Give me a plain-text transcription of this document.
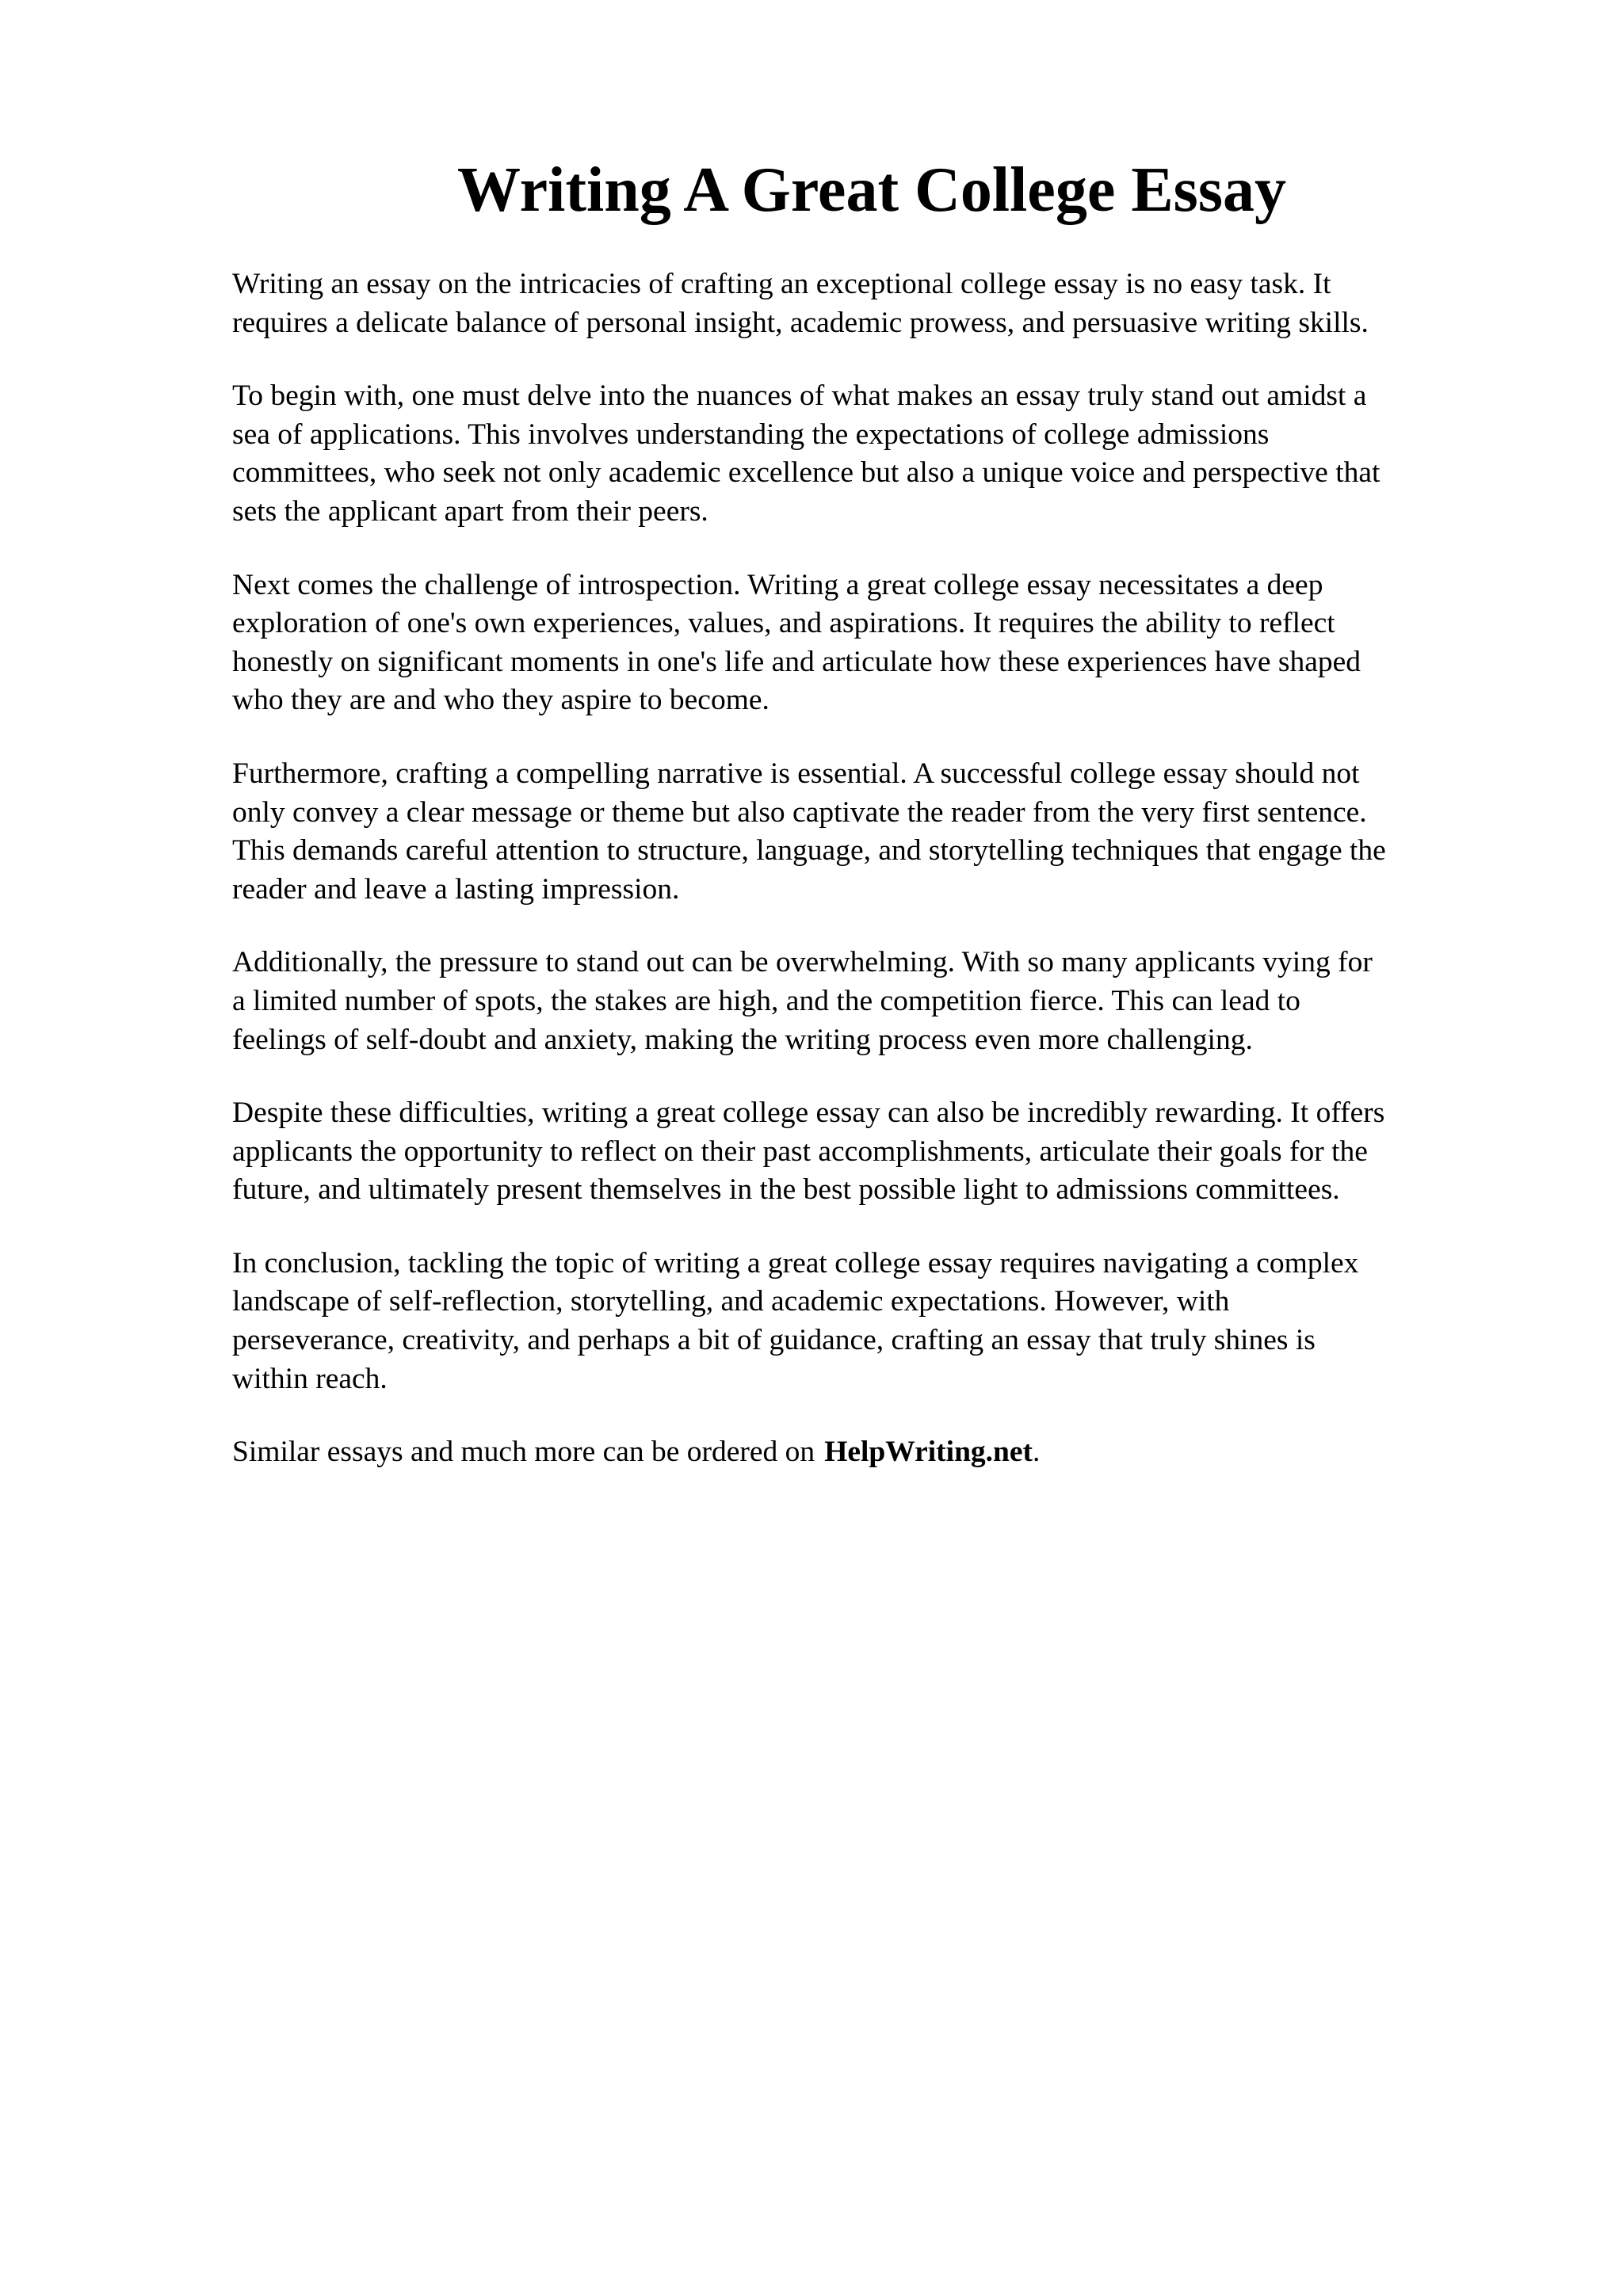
Writing A Great College Essay

Writing an essay on the intricacies of crafting an exceptional college essay is no easy task. It
requires a delicate balance of personal insight, academic prowess, and persuasive writing skills.

To begin with, one must delve into the nuances of what makes an essay truly stand out amidst a
sea of applications. This involves understanding the expectations of college admissions
committees, who seek not only academic excellence but also a unique voice and perspective that
sets the applicant apart from their peers.

Next comes the challenge of introspection. Writing a great college essay necessitates a deep
exploration of one's own experiences, values, and aspirations. It requires the ability to reflect
honestly on significant moments in one's life and articulate how these experiences have shaped
who they are and who they aspire to become.

Furthermore, crafting a compelling narrative is essential. A successful college essay should not
only convey a clear message or theme but also captivate the reader from the very first sentence.
This demands careful attention to structure, language, and storytelling techniques that engage the
reader and leave a lasting impression.

Additionally, the pressure to stand out can be overwhelming. With so many applicants vying for
a limited number of spots, the stakes are high, and the competition fierce. This can lead to
feelings of self-doubt and anxiety, making the writing process even more challenging.

Despite these difficulties, writing a great college essay can also be incredibly rewarding. It offers
applicants the opportunity to reflect on their past accomplishments, articulate their goals for the
future, and ultimately present themselves in the best possible light to admissions committees.

In conclusion, tackling the topic of writing a great college essay requires navigating a complex
landscape of self-reflection, storytelling, and academic expectations. However, with
perseverance, creativity, and perhaps a bit of guidance, crafting an essay that truly shines is
within reach.

Similar essays and much more can be ordered on HelpWriting.net.
